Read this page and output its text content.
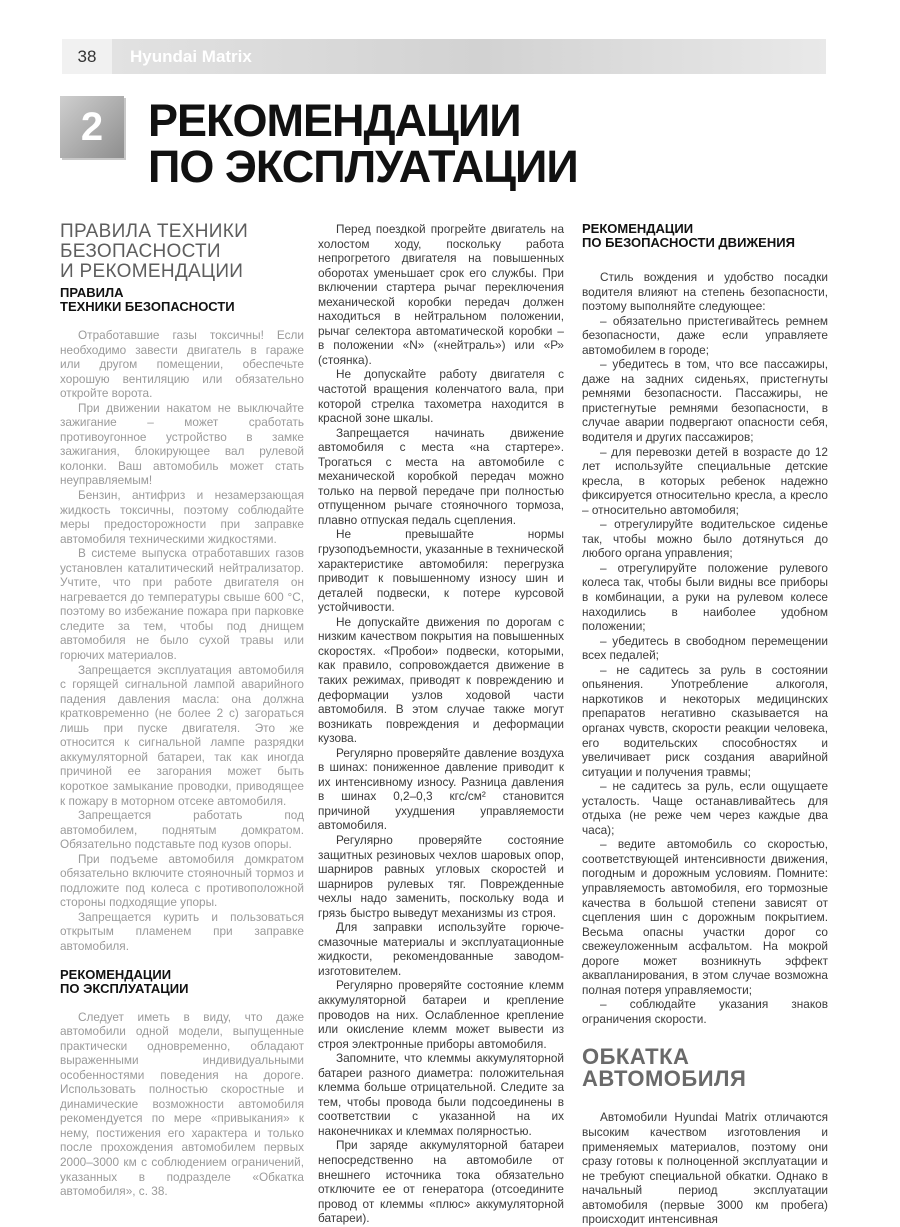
38	Hyundai Matrix
2 РЕКОМЕНДАЦИИ
ПО ЭКСПЛУАТАЦИИ
ПРАВИЛА ТЕХНИКИ
БЕЗОПАСНОСТИ
И РЕКОМЕНДАЦИИ
ПРАВИЛА
ТЕХНИКИ БЕЗОПАСНОСТИ

Отработавшие газы токсичны! Если необходимо завести двигатель в гараже или другом помещении, обеспечьте хорошую вентиляцию или обязательно откройте ворота.

При движении накатом не выключайте зажигание – может сработать противоугонное устройство в замке зажигания, блокирующее вал рулевой колонки. Ваш автомобиль может стать неуправляемым!

Бензин, антифриз и незамерзающая жидкость токсичны, поэтому соблюдайте меры предосторожности при заправке автомобиля техническими жидкостями.

В системе выпуска отработавших газов установлен каталитический нейтрализатор. Учтите, что при работе двигателя он нагревается до температуры свыше 600 °С, поэтому во избежание пожара при парковке следите за тем, чтобы под днищем автомобиля не было сухой травы или горючих материалов.

Запрещается эксплуатация автомобиля с горящей сигнальной лампой аварийного падения давления масла: она должна кратковременно (не более 2 с) загораться лишь при пуске двигателя. Это же относится к сигнальной лампе разрядки аккумуляторной батареи, так как иногда причиной ее загорания может быть короткое замыкание проводки, приводящее к пожару в моторном отсеке автомобиля.

Запрещается работать под автомобилем, поднятым домкратом. Обязательно подставьте под кузов опоры.

При подъеме автомобиля домкратом обязательно включите стояночный тормоз и подложите под колеса с противоположной стороны подходящие упоры.

Запрещается курить и пользоваться открытым пламенем при заправке автомобиля.

РЕКОМЕНДАЦИИ
ПО ЭКСПЛУАТАЦИИ

Следует иметь в виду, что даже автомобили одной модели, выпущенные практически одновременно, обладают выраженными индивидуальными особенностями поведения на дороге. Использовать полностью скоростные и динамические возможности автомобиля рекомендуется по мере «привыкания» к нему, постижения его характера и только после прохождения автомобилем первых 2000–3000 км с соблюдением ограничений, указанных в подразделе «Обкатка автомобиля», с. 38.

Перед поездкой прогрейте двигатель на холостом ходу, поскольку работа непрогретого двигателя на повышенных оборотах уменьшает срок его службы. При включении стартера рычаг переключения механической коробки передач должен находиться в нейтральном положении, рычаг селектора автоматической коробки – в положении «N» («нейтраль») или «Р» (стоянка).

Не допускайте работу двигателя с частотой вращения коленчатого вала, при которой стрелка тахометра находится в красной зоне шкалы.

Запрещается начинать движение автомобиля с места «на стартере». Трогаться с места на автомобиле с механической коробкой передач можно только на первой передаче при полностью отпущенном рычаге стояночного тормоза, плавно отпуская педаль сцепления.

Не превышайте нормы грузоподъемности, указанные в технической характеристике автомобиля: перегрузка приводит к повышенному износу шин и деталей подвески, к потере курсовой устойчивости.

Не допускайте движения по дорогам с низким качеством покрытия на повышенных скоростях. «Пробои» подвески, которыми, как правило, сопровождается движение в таких режимах, приводят к повреждению и деформации узлов ходовой части автомобиля. В этом случае также могут возникать повреждения и деформации кузова.

Регулярно проверяйте давление воздуха в шинах: пониженное давление приводит к их интенсивному износу. Разница давления в шинах 0,2–0,3 кгс/см² становится причиной ухудшения управляемости автомобиля.

Регулярно проверяйте состояние защитных резиновых чехлов шаровых опор, шарниров равных угловых скоростей и шарниров рулевых тяг. Поврежденные чехлы надо заменить, поскольку вода и грязь быстро выведут механизмы из строя.

Для заправки используйте горюче-смазочные материалы и эксплуатационные жидкости, рекомендованные заводом-изготовителем.

Регулярно проверяйте состояние клемм аккумуляторной батареи и крепление проводов на них. Ослабленное крепление или окисление клемм может вывести из строя электронные приборы автомобиля.

Запомните, что клеммы аккумуляторной батареи разного диаметра: положительная клемма больше отрицательной. Следите за тем, чтобы провода были подсоединены в соответствии с указанной на их наконечниках и клеммах полярностью.

При заряде аккумуляторной батареи непосредственно на автомобиле от внешнего источника тока обязательно отключите ее от генератора (отсоедините провод от клеммы «плюс» аккумуляторной батареи).

РЕКОМЕНДАЦИИ
ПО БЕЗОПАСНОСТИ ДВИЖЕНИЯ

Стиль вождения и удобство посадки водителя влияют на степень безопасности, поэтому выполняйте следующее:

– обязательно пристегивайтесь ремнем безопасности, даже если управляете автомобилем в городе;

– убедитесь в том, что все пассажиры, даже на задних сиденьях, пристегнуты ремнями безопасности. Пассажиры, не пристегнутые ремнями безопасности, в случае аварии подвергают опасности себя, водителя и других пассажиров;

– для перевозки детей в возрасте до 12 лет используйте специальные детские кресла, в которых ребенок надежно фиксируется относительно кресла, а кресло – относительно автомобиля;

– отрегулируйте водительское сиденье так, чтобы можно было дотянуться до любого органа управления;

– отрегулируйте положение рулевого колеса так, чтобы были видны все приборы в комбинации, а руки на рулевом колесе находились в наиболее удобном положении;

– убедитесь в свободном перемещении всех педалей;

– не садитесь за руль в состоянии опьянения. Употребление алкоголя, наркотиков и некоторых медицинских препаратов негативно сказывается на органах чувств, скорости реакции человека, его водительских способностях и увеличивает риск создания аварийной ситуации и получения травмы;

– не садитесь за руль, если ощущаете усталость. Чаще останавливайтесь для отдыха (не реже чем через каждые два часа);

– ведите автомобиль со скоростью, соответствующей интенсивности движения, погодным и дорожным условиям. Помните: управляемость автомобиля, его тормозные качества в большой степени зависят от сцепления шин с дорожным покрытием. Весьма опасны участки дорог со свежеуложенным асфальтом. На мокрой дороге может возникнуть эффект аквапланирования, в этом случае возможна полная потеря управляемости;

– соблюдайте указания знаков ограничения скорости.

ОБКАТКА
АВТОМОБИЛЯ

Автомобили Hyundai Matrix отличаются высоким качеством изготовления и применяемых материалов, поэтому они сразу готовы к полноценной эксплуатации и не требуют специальной обкатки. Однако в начальный период эксплуатации автомобиля (первые 3000 км пробега) происходит интенсивная
